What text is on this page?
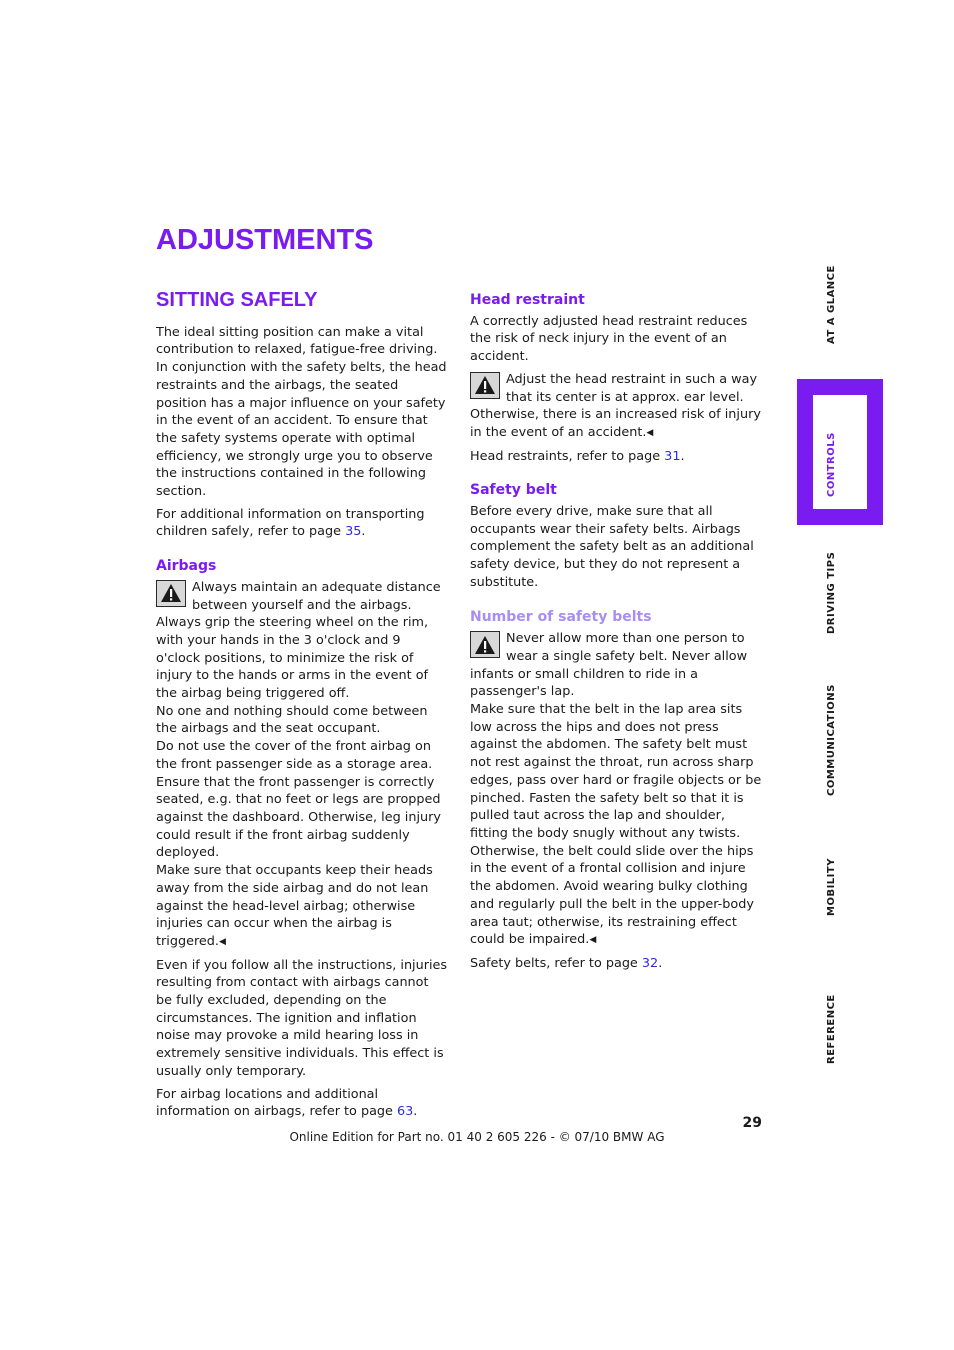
ADJUSTMENTS
SITTING SAFELY

The ideal sitting position can make a vital contribution to relaxed, fatigue-free driving. In conjunction with the safety belts, the head restraints and the airbags, the seated position has a major influence on your safety in the event of an accident. To ensure that the safety systems operate with optimal efficiency, we strongly urge you to observe the instructions contained in the following section.

For additional information on transporting children safely, refer to page 35.

Airbags

Always maintain an adequate distance between yourself and the airbags. Always grip the steering wheel on the rim, with your hands in the 3 o'clock and 9 o'clock positions, to minimize the risk of injury to the hands or arms in the event of the airbag being triggered off.

No one and nothing should come between the airbags and the seat occupant.

Do not use the cover of the front airbag on the front passenger side as a storage area. Ensure that the front passenger is correctly seated, e.g. that no feet or legs are propped against the dashboard. Otherwise, leg injury could result if the front airbag suddenly deployed.

Make sure that occupants keep their heads away from the side airbag and do not lean against the head-level airbag; otherwise injuries can occur when the airbag is triggered.◀

Even if you follow all the instructions, injuries resulting from contact with airbags cannot be fully excluded, depending on the circumstances. The ignition and inflation noise may provoke a mild hearing loss in extremely sensitive individuals. This effect is usually only temporary.

For airbag locations and additional information on airbags, refer to page 63.

Head restraint

A correctly adjusted head restraint reduces the risk of neck injury in the event of an accident.

Adjust the head restraint in such a way that its center is at approx. ear level. Otherwise, there is an increased risk of injury in the event of an accident.◀

Head restraints, refer to page 31.

Safety belt

Before every drive, make sure that all occupants wear their safety belts. Airbags complement the safety belt as an additional safety device, but they do not represent a substitute.

Number of safety belts

Never allow more than one person to wear a single safety belt. Never allow infants or small children to ride in a passenger's lap.

Make sure that the belt in the lap area sits low across the hips and does not press against the abdomen. The safety belt must not rest against the throat, run across sharp edges, pass over hard or fragile objects or be pinched. Fasten the safety belt so that it is pulled taut across the lap and shoulder, fitting the body snugly without any twists. Otherwise, the belt could slide over the hips in the event of a frontal collision and injure the abdomen. Avoid wearing bulky clothing and regularly pull the belt in the upper-body area taut; otherwise, its restraining effect could be impaired.◀

Safety belts, refer to page 32.

AT A GLANCE
CONTROLS
DRIVING TIPS
COMMUNICATIONS
MOBILITY
REFERENCE
29
Online Edition for Part no. 01 40 2 605 226 - © 07/10 BMW AG
